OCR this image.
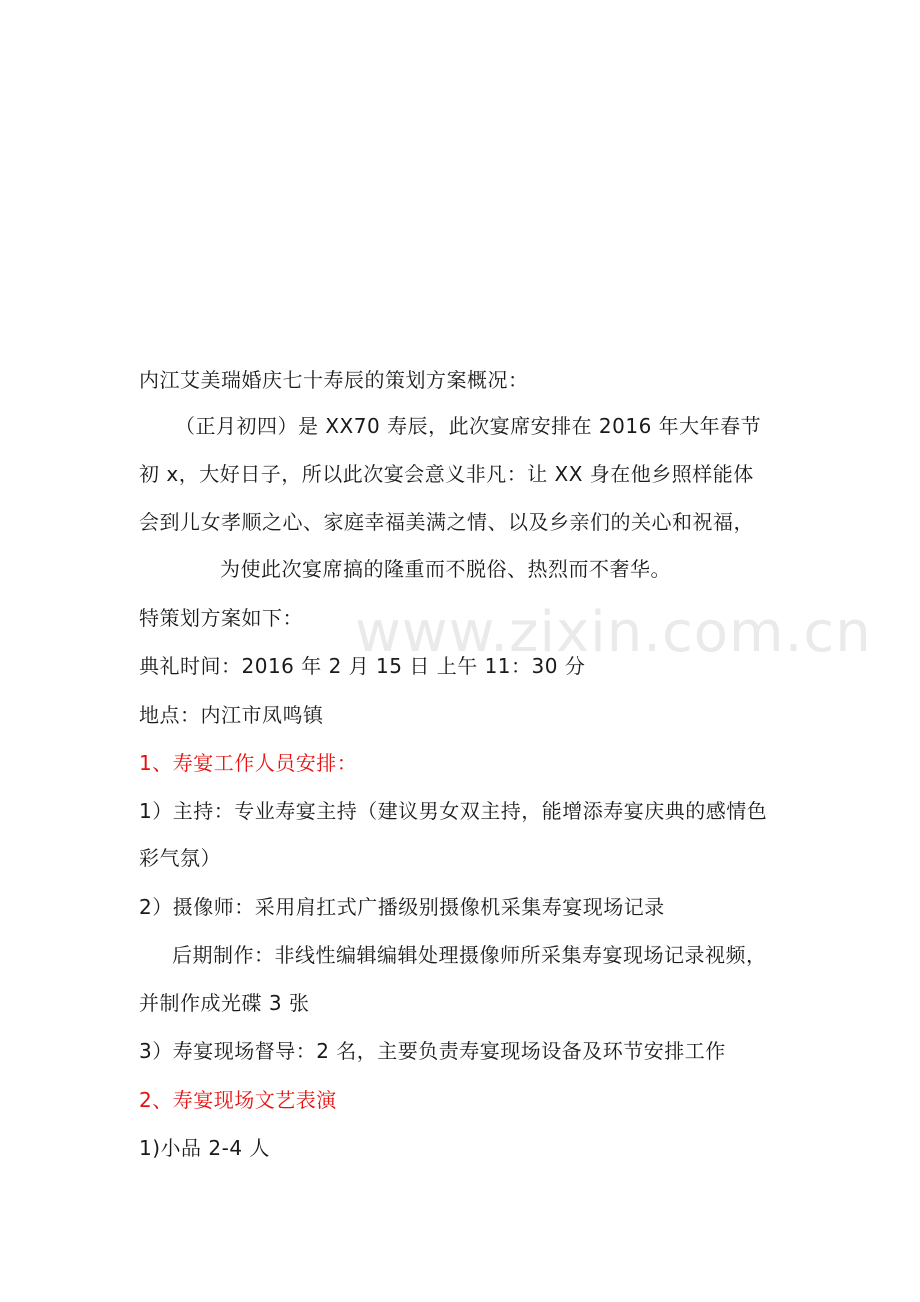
www.zixin.com.cn
内江艾美瑞婚庆七十寿辰的策划方案概况：
（正月初四）是 XX70 寿辰，此次宴席安排在 2016 年大年春节
初 x，大好日子，所以此次宴会意义非凡：让 XX 身在他乡照样能体
会到儿女孝顺之心、家庭幸福美满之情、以及乡亲们的关心和祝福，
为使此次宴席搞的隆重而不脱俗、热烈而不奢华。
特策划方案如下：
典礼时间：2016 年 2 月 15 日 上午 11：30 分
地点：内江市凤鸣镇
1、寿宴工作人员安排：
1）主持：专业寿宴主持（建议男女双主持，能增添寿宴庆典的感情色
彩气氛）
2）摄像师：采用肩扛式广播级别摄像机采集寿宴现场记录
后期制作：非线性编辑编辑处理摄像师所采集寿宴现场记录视频，
并制作成光碟 3 张
3）寿宴现场督导：2 名，主要负责寿宴现场设备及环节安排工作
2、寿宴现场文艺表演
1)小品 2-4 人
